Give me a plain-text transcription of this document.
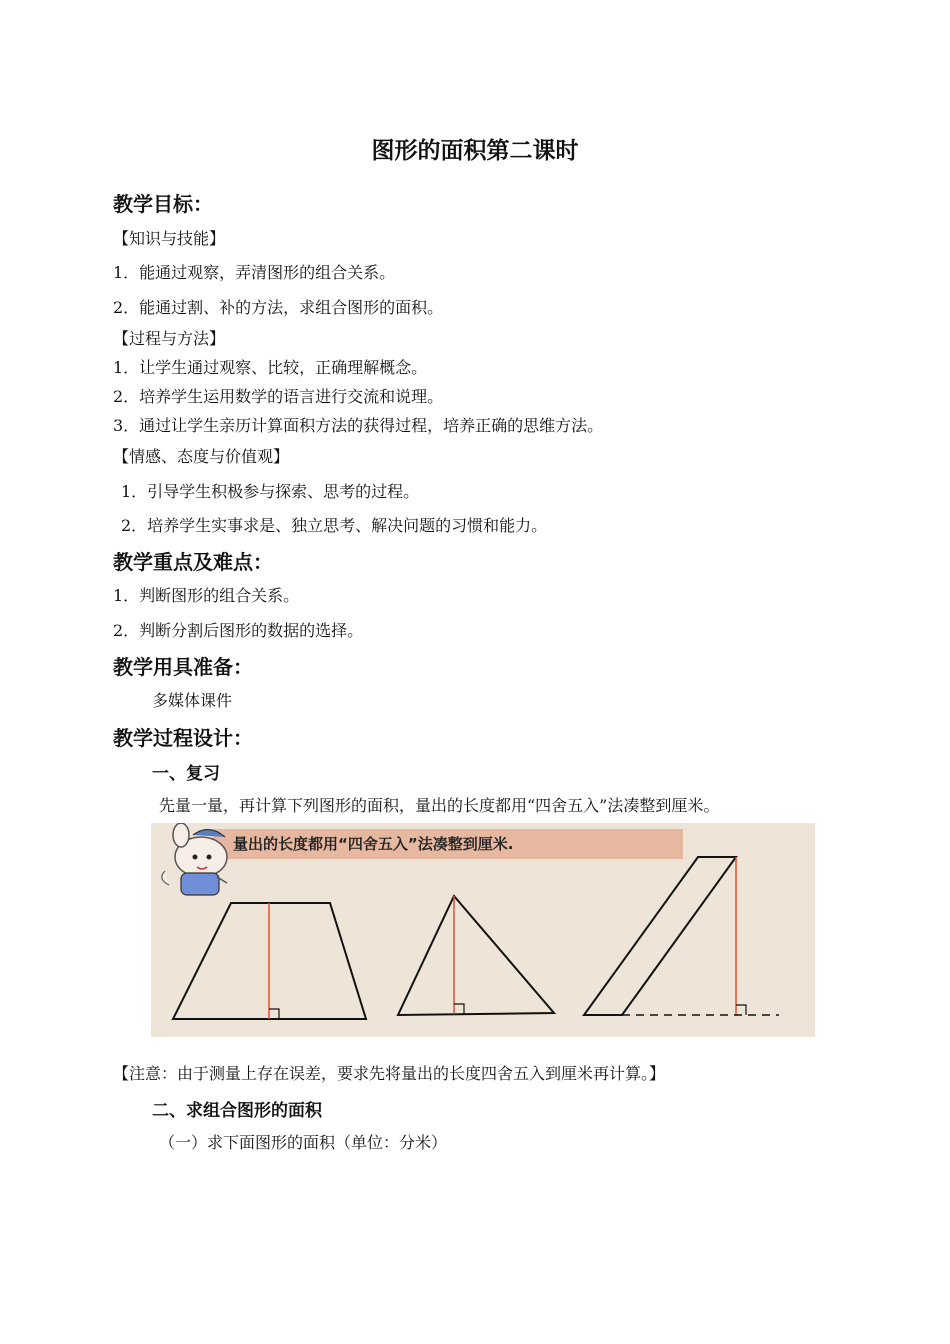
图形的面积第二课时
教学目标：
【知识与技能】
1．能通过观察，弄清图形的组合关系。
2．能通过割、补的方法，求组合图形的面积。
【过程与方法】
1．让学生通过观察、比较，正确理解概念。
2．培养学生运用数学的语言进行交流和说理。
3．通过让学生亲历计算面积方法的获得过程，培养正确的思维方法。
【情感、态度与价值观】
1．引导学生积极参与探索、思考的过程。
2．培养学生实事求是、独立思考、解决问题的习惯和能力。
教学重点及难点：
1．判断图形的组合关系。
2．判断分割后图形的数据的选择。
教学用具准备：
多媒体课件
教学过程设计：
一、复习
先量一量，再计算下列图形的面积，量出的长度都用“四舍五入”法凑整到厘米。
量出的长度都用“四舍五入”法凑整到厘米.
【注意：由于测量上存在误差，要求先将量出的长度四舍五入到厘米再计算。】
二、求组合图形的面积
（一）求下面图形的面积（单位：分米）
